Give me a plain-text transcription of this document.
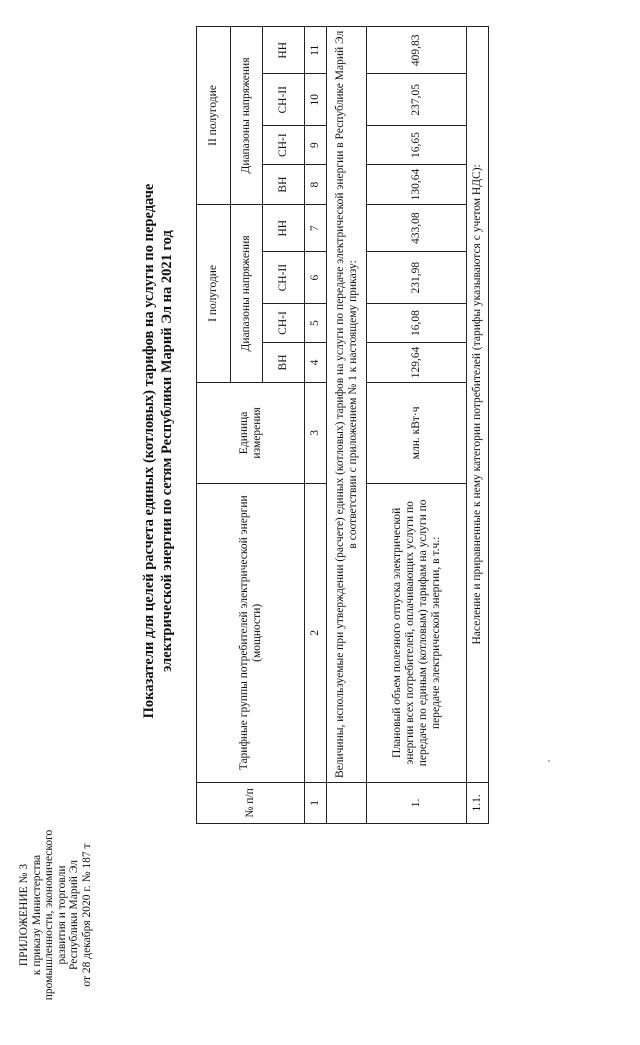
ПРИЛОЖЕНИЕ № 3 к приказу Министерства промышленности, экономического развития и торговли Республики Марий Эл от 28 декабря 2020 г. № 187 т
Показатели для целей расчета единых (котловых) тарифов на услуги по передаче электрической энергии по сетям Республики Марий Эл на 2021 год
№ п/п	Тарифные группы потребителей электрической энергии (мощности)	Единица измерения	I полугодие				II полугодие			
			Диапазоны напряжения				Диапазоны напряжения			
			ВН	СН-I	СН-II	НН	ВН	СН-I	СН-II	НН
1	2	3	4	5	6	7	8	9	10	11
	Величины, используемые при утверждении (расчете) единых (котловых) тарифов на услуги по передаче электрической энергии в Республике Марий Эл в соответствии с приложением № 1 к настоящему приказу:									
1.	Плановый объем полезного отпуска электрической энергии всех потребителей, оплачивающих услуги по передаче по единым (котловым) тарифам на услуги по передаче электрической энергии, в т.ч.:	млн. кВт·ч	129,64	16,08	231,98	433,08	130,64	16,65	237,05	409,83
1.1.	Население и приравненные к нему категории потребителей (тарифы указываются с учетом НДС):									
